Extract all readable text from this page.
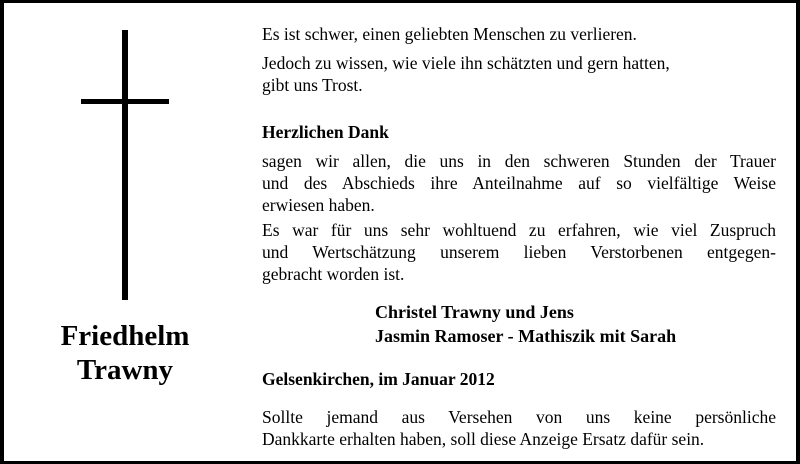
Friedhelm
Trawny
Es ist schwer, einen geliebten Menschen zu verlieren.
Jedoch zu wissen, wie viele ihn schätzten und gern hatten,
gibt uns Trost.
Herzlichen Dank
sagen wir allen, die uns in den schweren Stunden der Trauer
und des Abschieds ihre Anteilnahme auf so vielfältige Weise
erwiesen haben.
Es war für uns sehr wohltuend zu erfahren, wie viel Zuspruch
und Wertschätzung unserem lieben Verstorbenen entgegen-
gebracht worden ist.
Christel Trawny und Jens
Jasmin Ramoser - Mathiszik mit Sarah
Gelsenkirchen, im Januar 2012
Sollte jemand aus Versehen von uns keine persönliche
Dankkarte erhalten haben, soll diese Anzeige Ersatz dafür sein.
